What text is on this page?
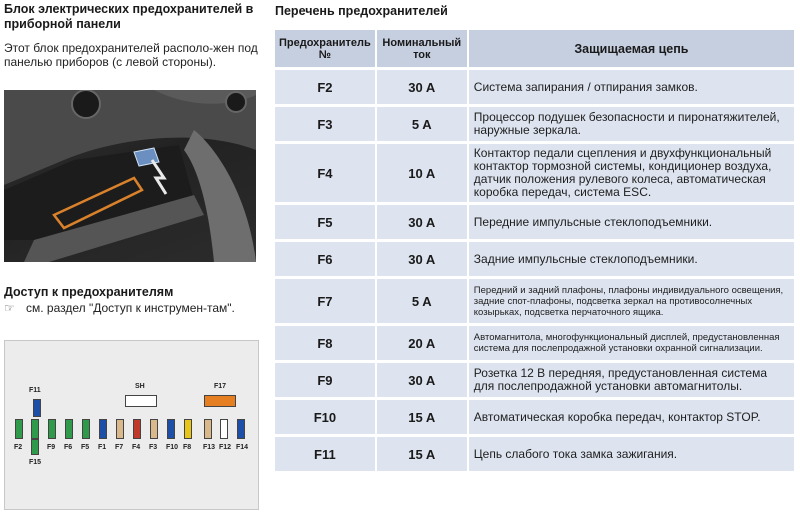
Блок электрических предохранителей в приборной панели
Этот блок предохранителей располо-жен под панелью приборов (с левой стороны).
Доступ к предохранителям
☞ см. раздел "Доступ к инструмен-там".
F2	F9 F6 F5 F1 F7 F4 F3 F10 F8 F13 F12 F14
F15
F11
SH	F17
Перечень предохранителей
Предохранитель №	Номинальный ток	Защищаемая цепь
F2	30 A	Система запирания / отпирания замков.
F3	5 A	Процессор подушек безопасности и пиронатяжителей, наружные зеркала.
F4	10 A	Контактор педали сцепления и двухфункциональный контактор тормозной системы, кондиционер воздуха, датчик положения рулевого колеса, автоматическая коробка передач, система ESC.
F5	30 A	Передние импульсные стеклоподъемники.
F6	30 A	Задние импульсные стеклоподъемники.
F7	5 A	Передний и задний плафоны, плафоны индивидуального освещения, задние спот-плафоны, подсветка зеркал на противосолнечных козырьках, подсветка перчаточного ящика.
F8	20 A	Автомагнитола, многофункциональный дисплей, предустановленная система для послепродажной установки охранной сигнализации.
F9	30 A	Розетка 12 В передняя, предустановленная система для послепродажной установки автомагнитолы.
F10	15 A	Автоматическая коробка передач, контактор STOP.
F11	15 A	Цепь слабого тока замка зажигания.
